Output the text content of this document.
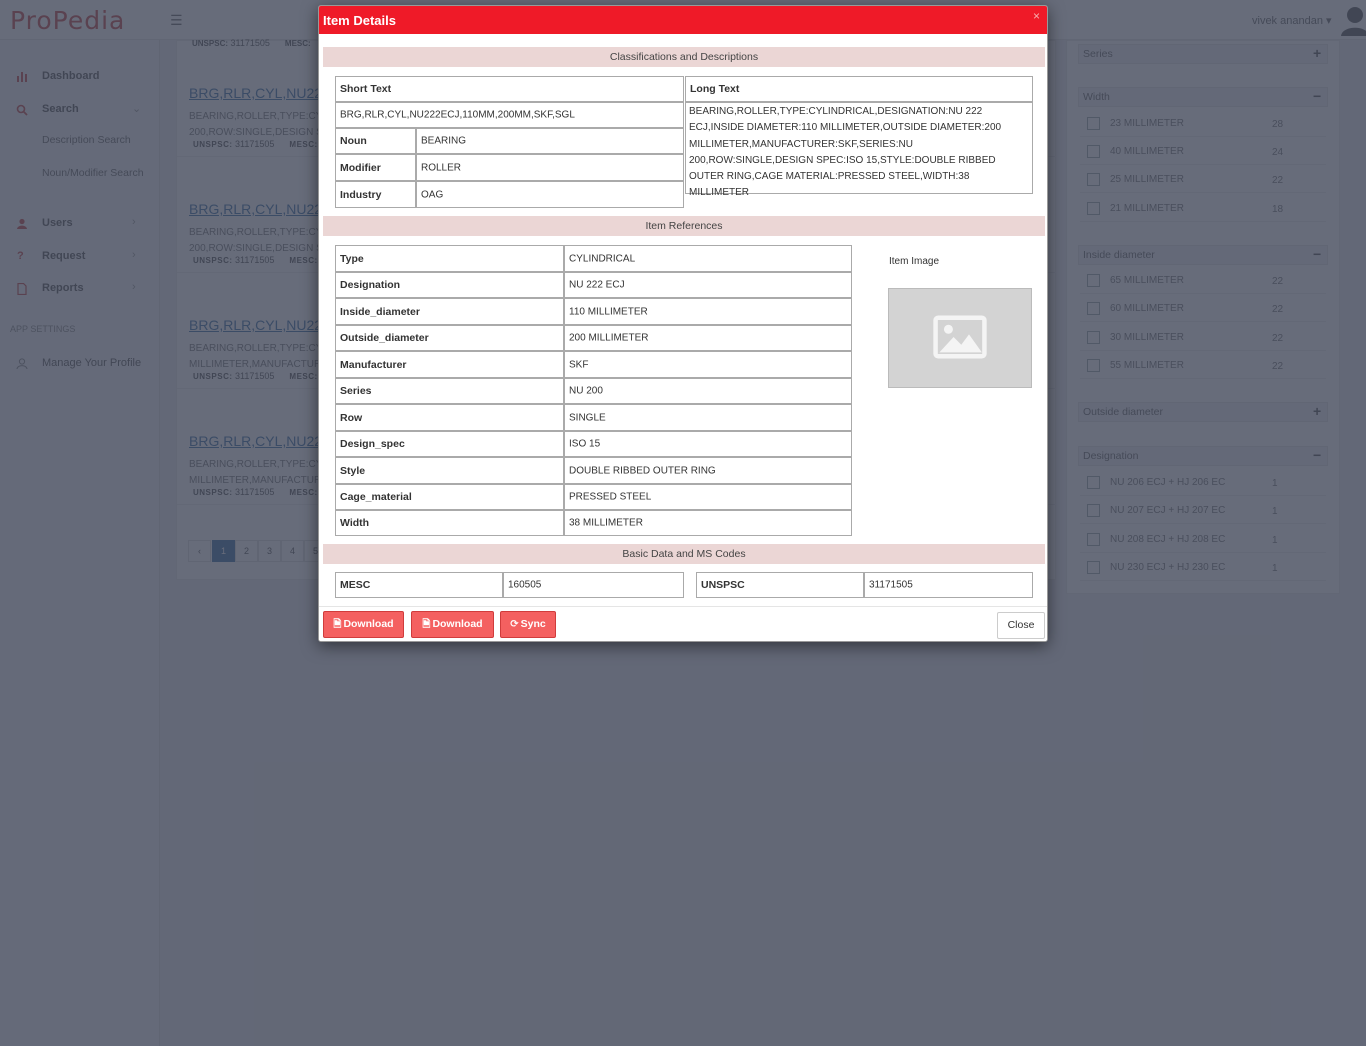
Item Details	×
Classifications and Descriptions
Short Text	Long Text
BRG,RLR,CYL,NU222ECJ,110MM,200MM,SKF,SGL	BEARING,ROLLER,TYPE:CYLINDRICAL,DESIGNATION:NU 222 ECJ,INSIDE DIAMETER:110 MILLIMETER,OUTSIDE DIAMETER:200 MILLIMETER,MANUFACTURER:SKF,SERIES:NU 200,ROW:SINGLE,DESIGN SPEC:ISO 15,STYLE:DOUBLE RIBBED OUTER RING,CAGE MATERIAL:PRESSED STEEL,WIDTH:38 MILLIMETER
Noun	BEARING
Modifier	ROLLER
Industry	OAG
Item References
Type	CYLINDRICAL
Designation	NU 222 ECJ
Inside_diameter	110 MILLIMETER
Outside_diameter	200 MILLIMETER
Manufacturer	SKF
Series	NU 200
Row	SINGLE
Design_spec	ISO 15
Style	DOUBLE RIBBED OUTER RING
Cage_material	PRESSED STEEL
Width	38 MILLIMETER
Item Image
Basic Data and MS Codes
MESC	160505	UNSPSC	31171505
🗎 Download	🗎 Download	⟳ Sync	Close
